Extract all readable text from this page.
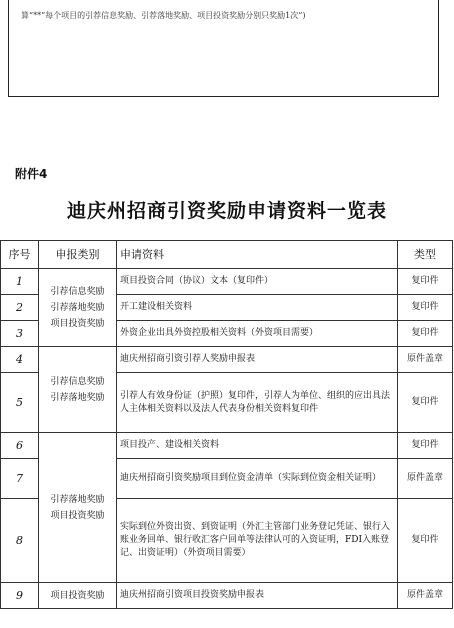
算“**”每个项目的引荐信息奖励、引荐落地奖励、项目投资奖励分别只奖励1次”)
附件4
迪庆州招商引资奖励申请资料一览表
序号	申报类别	申请资料	类型
1	引荐信息奖励
引荐落地奖励
项目投资奖励	项目投资合同（协议）文本（复印件）	复印件
2		开工建设相关资料	复印件
3		外资企业出具外资控股相关资料（外资项目需要）	复印件
4	引荐信息奖励
引荐落地奖励	迪庆州招商引资引荐人奖励申报表	原件盖章
5		引荐人有效身份证（护照）复印件，引荐人为单位、组织的应出具法人主体相关资料以及法人代表身份相关资料复印件	复印件
6	引荐落地奖励
项目投资奖励	项目投产、建设相关资料	复印件
7		迪庆州招商引资奖励项目到位资金清单（实际到位资金相关证明）	原件盖章
8		实际到位外资出资、到资证明（外汇主管部门业务登记凭证、银行入账业务回单、银行收汇客户回单等法律认可的入资证明，FDI入账登记、出资证明）（外资项目需要）	复印件
9	项目投资奖励	迪庆州招商引资项目投资奖励申报表	原件盖章
